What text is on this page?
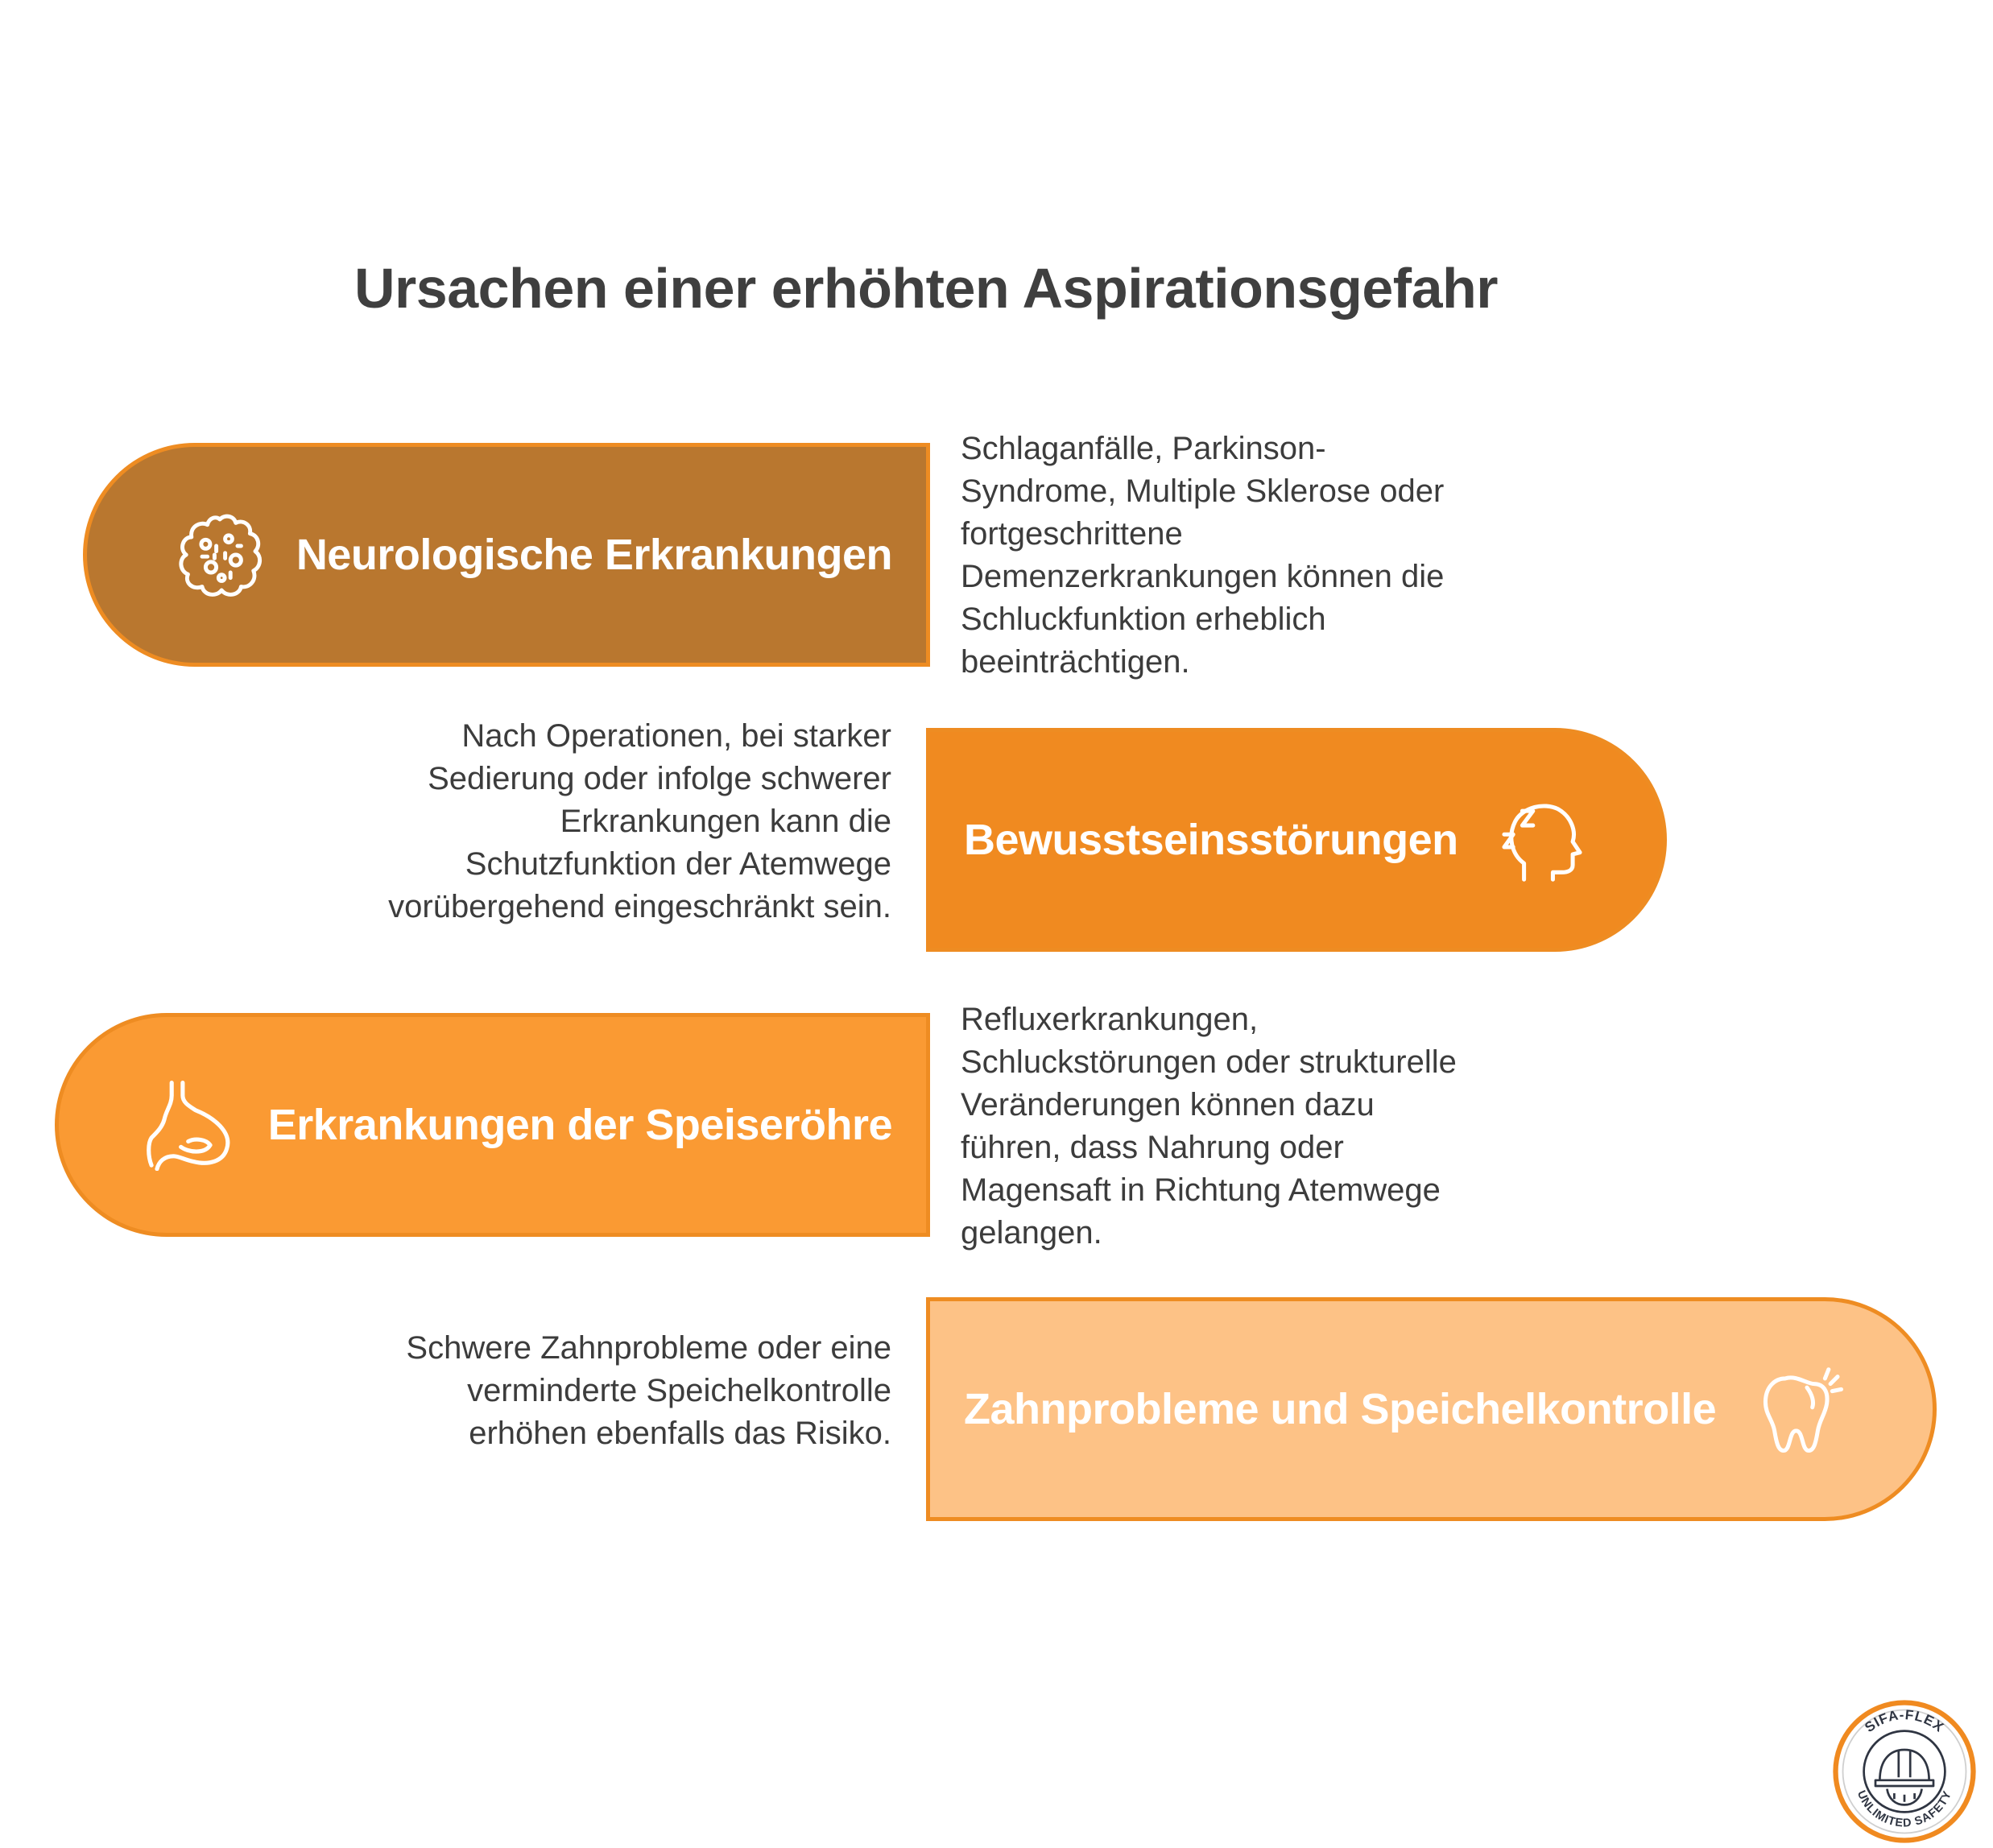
Ursachen einer erhöhten Aspirationsgefahr
Neurologische Erkrankungen
Schlaganfälle, Parkinson-Syndrome, Multiple Sklerose oder fortgeschrittene Demenzerkrankungen können die Schluckfunktion erheblich beeinträchtigen.
Bewusstseinsstörungen
Nach Operationen, bei starker Sedierung oder infolge schwerer Erkrankungen kann die Schutzfunktion der Atemwege vorübergehend eingeschränkt sein.
Erkrankungen der Speiseröhre
Refluxerkrankungen, Schluckstörungen oder strukturelle Veränderungen können dazu führen, dass Nahrung oder Magensaft in Richtung Atemwege gelangen.
Zahnprobleme und Speichelkontrolle
Schwere Zahnprobleme oder eine verminderte Speichelkontrolle erhöhen ebenfalls das Risiko.
SIFA-FLEX
UNLIMITED SAFETY
